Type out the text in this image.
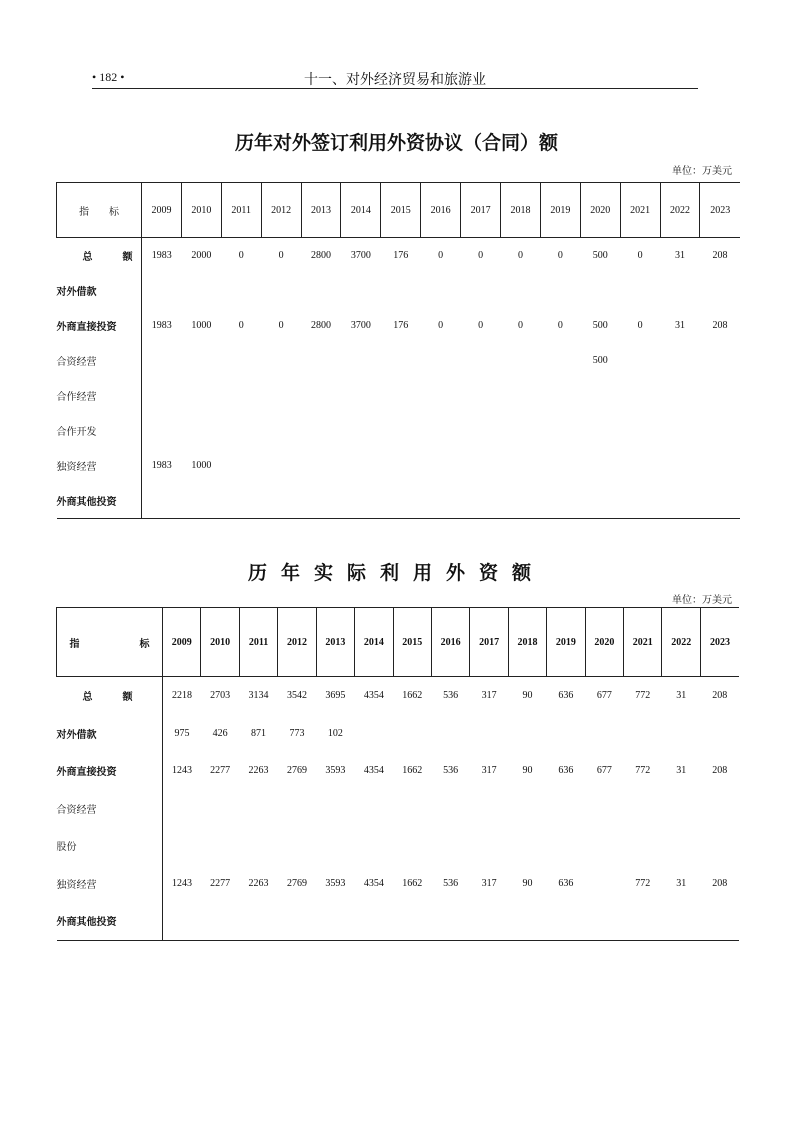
• 182 •	十一、对外经济贸易和旅游业
历年对外签订利用外资协议（合同）额
单位：万美元
指　　标	2009	2010	2011	2012	2013	2014	2015	2016	2017	2018	2019	2020	2021	2022	2023
总　额	1983	2000	0	0	2800	3700	176	0	0	0	0	500	0	31	208
对外借款															
外商直接投资	1983	1000	0	0	2800	3700	176	0	0	0	0	500	0	31	208
合资经营												500			
合作经营															
合作开发															
独资经营	1983	1000													
外商其他投资															
历年实际利用外资额
单位：万美元
指　　　　　　标	2009	2010	2011	2012	2013	2014	2015	2016	2017	2018	2019	2020	2021	2022	2023
总　额	2218	2703	3134	3542	3695	4354	1662	536	317	90	636	677	772	31	208
对外借款	975	426	871	773	102										
外商直接投资	1243	2277	2263	2769	3593	4354	1662	536	317	90	636	677	772	31	208
合资经营															
股份															
独资经营	1243	2277	2263	2769	3593	4354	1662	536	317	90	636		772	31	208
外商其他投资															
